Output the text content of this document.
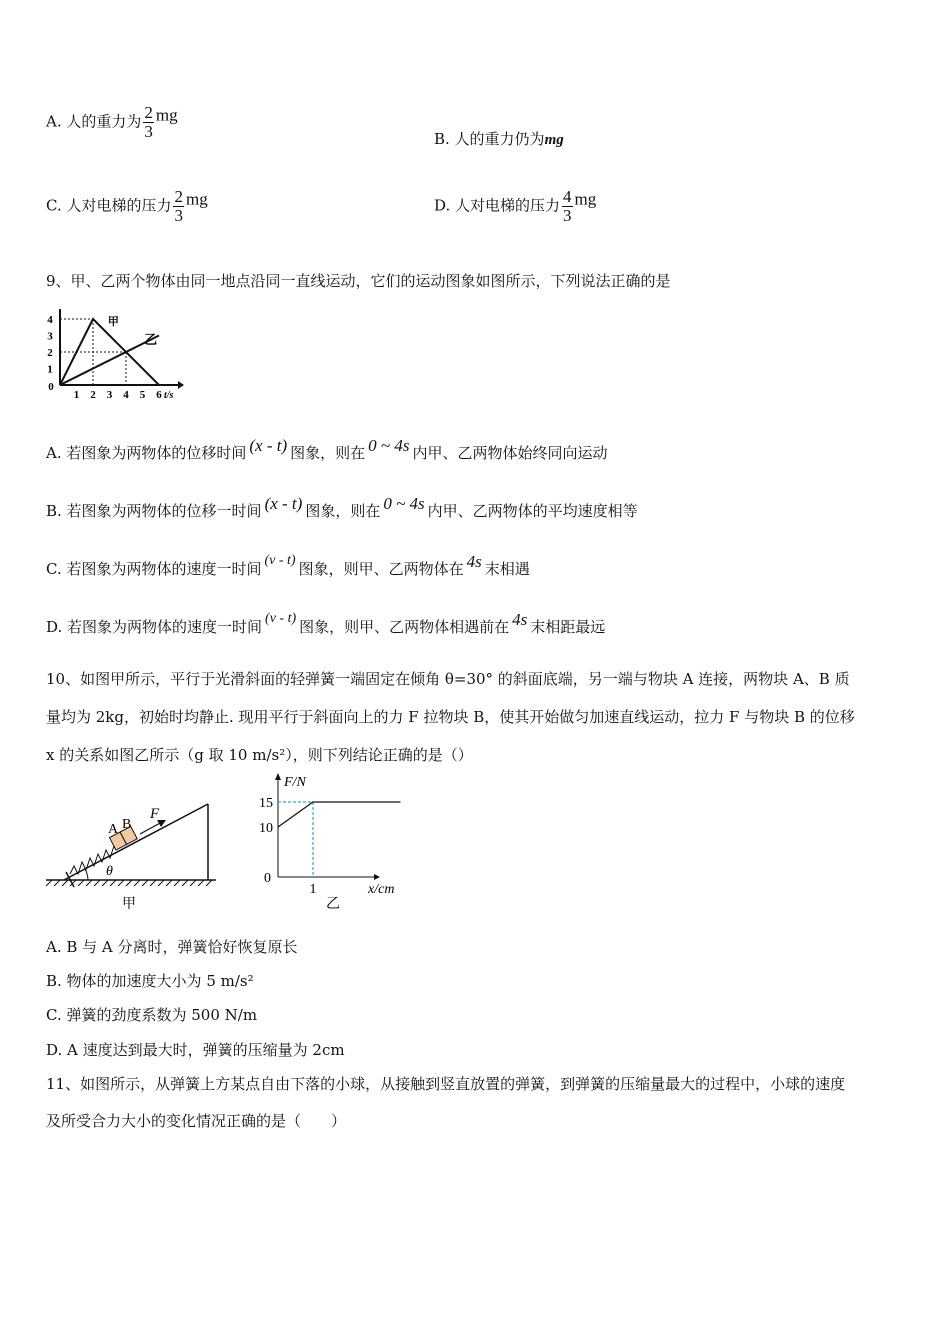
A. 人的重力为 $\frac{2}{3}$ mg
B. 人的重力仍为mg
C. 人对电梯的压力 $\frac{2}{3}$ mg	D. 人对电梯的压力 $\frac{4}{3}$ mg
9、甲、乙两个物体由同一地点沿同一直线运动，它们的运动图象如图所示，下列说法正确的是
4
3
2
1
0
1 2 3 4 5 6 t/s
甲
乙
A. 若图象为两物体的位移时间 (x - t) 图象，则在 0 ~ 4s 内甲、乙两物体始终同向运动
B. 若图象为两物体的位移一时间 (x - t) 图象，则在 0 ~ 4s 内甲、乙两物体的平均速度相等
C. 若图象为两物体的速度一时间 (v - t) 图象，则甲、乙两物体在 4s 末相遇
D. 若图象为两物体的速度一时间 (v - t) 图象，则甲、乙两物体相遇前在 4s 末相距最远
10、如图甲所示，平行于光滑斜面的轻弹簧一端固定在倾角 θ=30° 的斜面底端，另一端与物块 A 连接，两物块 A、B 质
量均为 2kg，初始时均静止. 现用平行于斜面向上的力 F 拉物块 B，使其开始做匀加速直线运动，拉力 F 与物块 B 的位移
x 的关系如图乙所示（g 取 10 m/s²），则下列结论正确的是（）
A B
F
θ
甲
15
10
0
1
F/N
x/cm
乙
A. B 与 A 分离时，弹簧恰好恢复原长
B. 物体的加速度大小为 5 m/s²
C. 弹簧的劲度系数为 500 N/m
D. A 速度达到最大时，弹簧的压缩量为 2cm
11、如图所示，从弹簧上方某点自由下落的小球，从接触到竖直放置的弹簧，到弹簧的压缩量最大的过程中，小球的速度
及所受合力大小的变化情况正确的是（　　）
